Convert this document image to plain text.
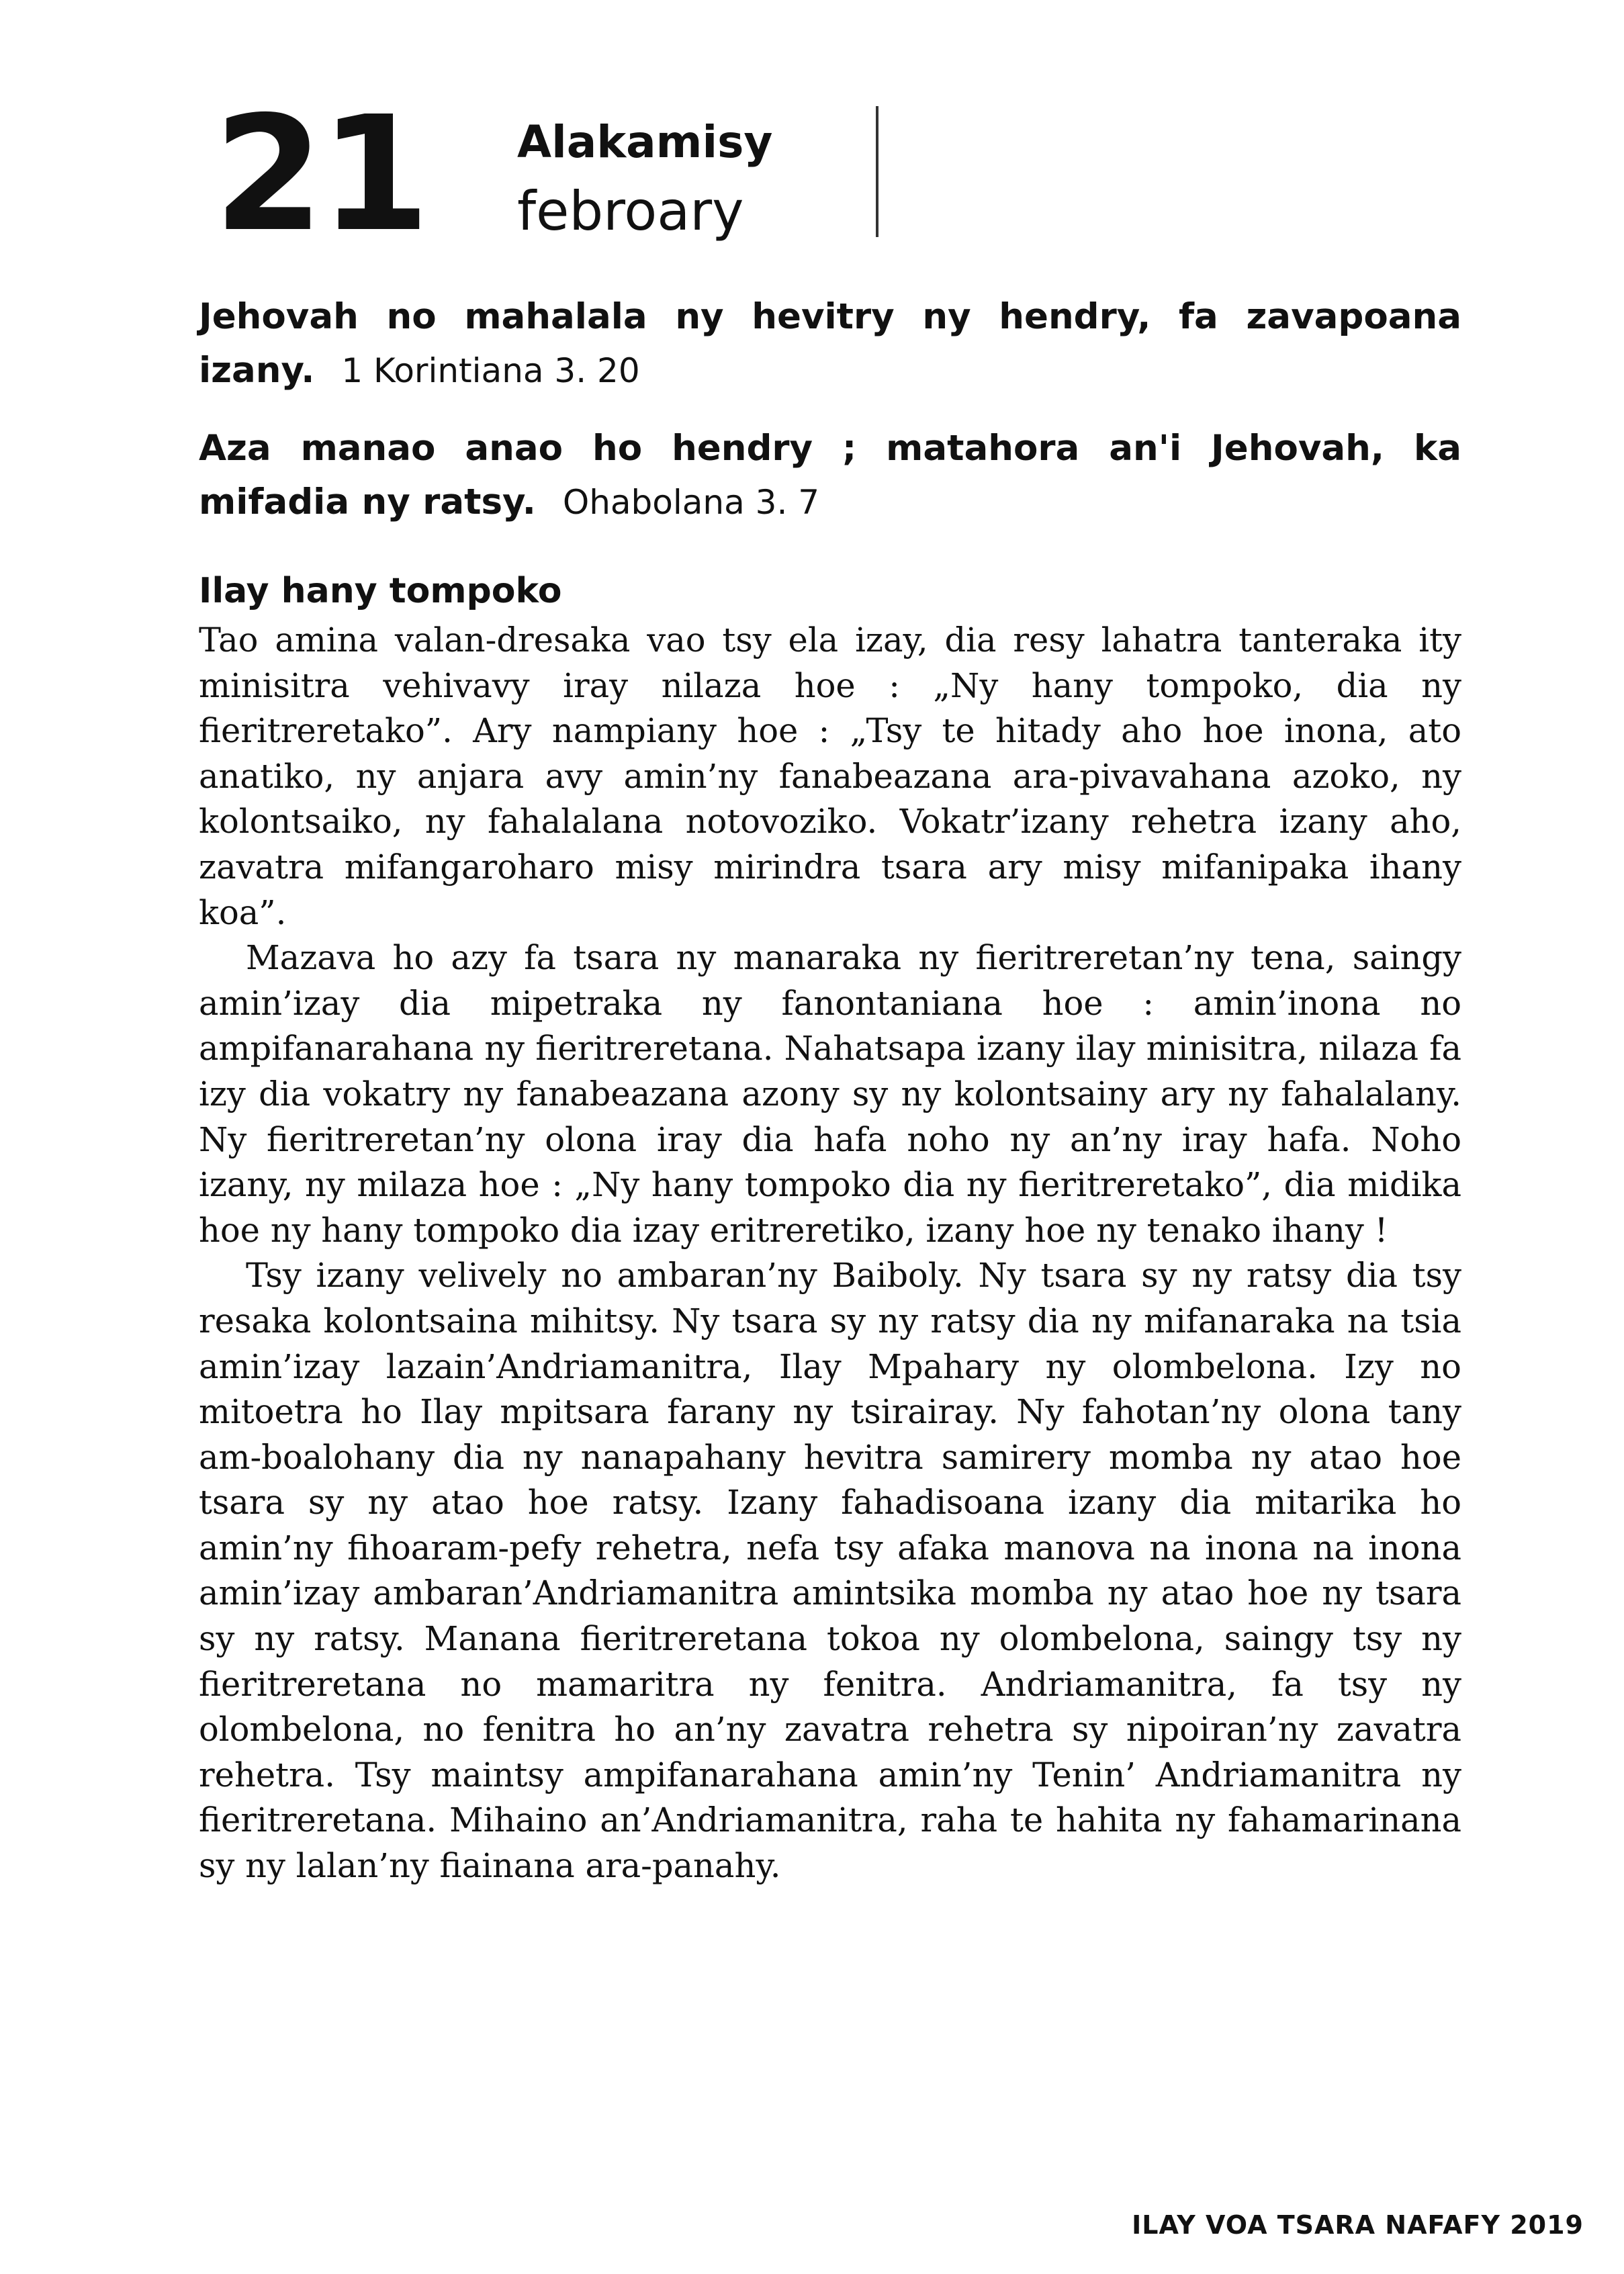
21 Alakamisy
febroary
Jehovah no mahalala ny hevitry ny hendry, fa zavapoana izany. 1 Korintiana 3. 20
Aza manao anao ho hendry ; matahora an'i Jehovah, ka mifadia ny ratsy. Ohabolana 3. 7
Ilay hany tompoko

Tao amina valan-dresaka vao tsy ela izay, dia resy lahatra tanteraka ity minisitra vehivavy iray nilaza hoe : „Ny hany tompoko, dia ny fieritreretako”. Ary nampiany hoe : „Tsy te hitady aho hoe inona, ato anatiko, ny anjara avy amin’ny fanabeazana ara-pivavahana azoko, ny kolontsaiko, ny fahalalana notovoziko. Vokatr’izany rehetra izany aho, zavatra mifangaroharo misy mirindra tsara ary misy mifanipaka ihany koa”.

Mazava ho azy fa tsara ny manaraka ny fieritreretan’ny tena, saingy amin’izay dia mipetraka ny fanontaniana hoe : amin’inona no ampifanarahana ny fieritreretana. Nahatsapa izany ilay minisitra, nilaza fa izy dia vokatry ny fanabeazana azony sy ny kolontsainy ary ny fahalalany. Ny fieritreretan’ny olona iray dia hafa noho ny an’ny iray hafa. Noho izany, ny milaza hoe : „Ny hany tompoko dia ny fieritreretako”, dia midika hoe ny hany tompoko dia izay eritreretiko, izany hoe ny tenako ihany !

Tsy izany velively no ambaran’ny Baiboly. Ny tsara sy ny ratsy dia tsy resaka kolontsaina mihitsy. Ny tsara sy ny ratsy dia ny mifanaraka na tsia amin’izay lazain’Andriamanitra, Ilay Mpahary ny olombelona. Izy no mitoetra ho Ilay mpitsara farany ny tsirairay. Ny fahotan’ny olona tany am-boalohany dia ny nanapahany hevitra samirery momba ny atao hoe tsara sy ny atao hoe ratsy. Izany fahadisoana izany dia mitarika ho amin’ny fihoaram-pefy rehetra, nefa tsy afaka manova na inona na inona amin’izay ambaran’Andriamanitra amintsika momba ny atao hoe ny tsara sy ny ratsy. Manana fieritreretana tokoa ny olombelona, saingy tsy ny fieritreretana no mamaritra ny fenitra. Andriamanitra, fa tsy ny olombelona, no fenitra ho an’ny zavatra rehetra sy nipoiran’ny zavatra rehetra. Tsy maintsy ampifanarahana amin’ny Tenin’ Andriamanitra ny fieritreretana. Mihaino an’Andriamanitra, raha te hahita ny fahamarinana sy ny lalan’ny fiainana ara-panahy.

ILAY VOA TSARA NAFAFY 2019
